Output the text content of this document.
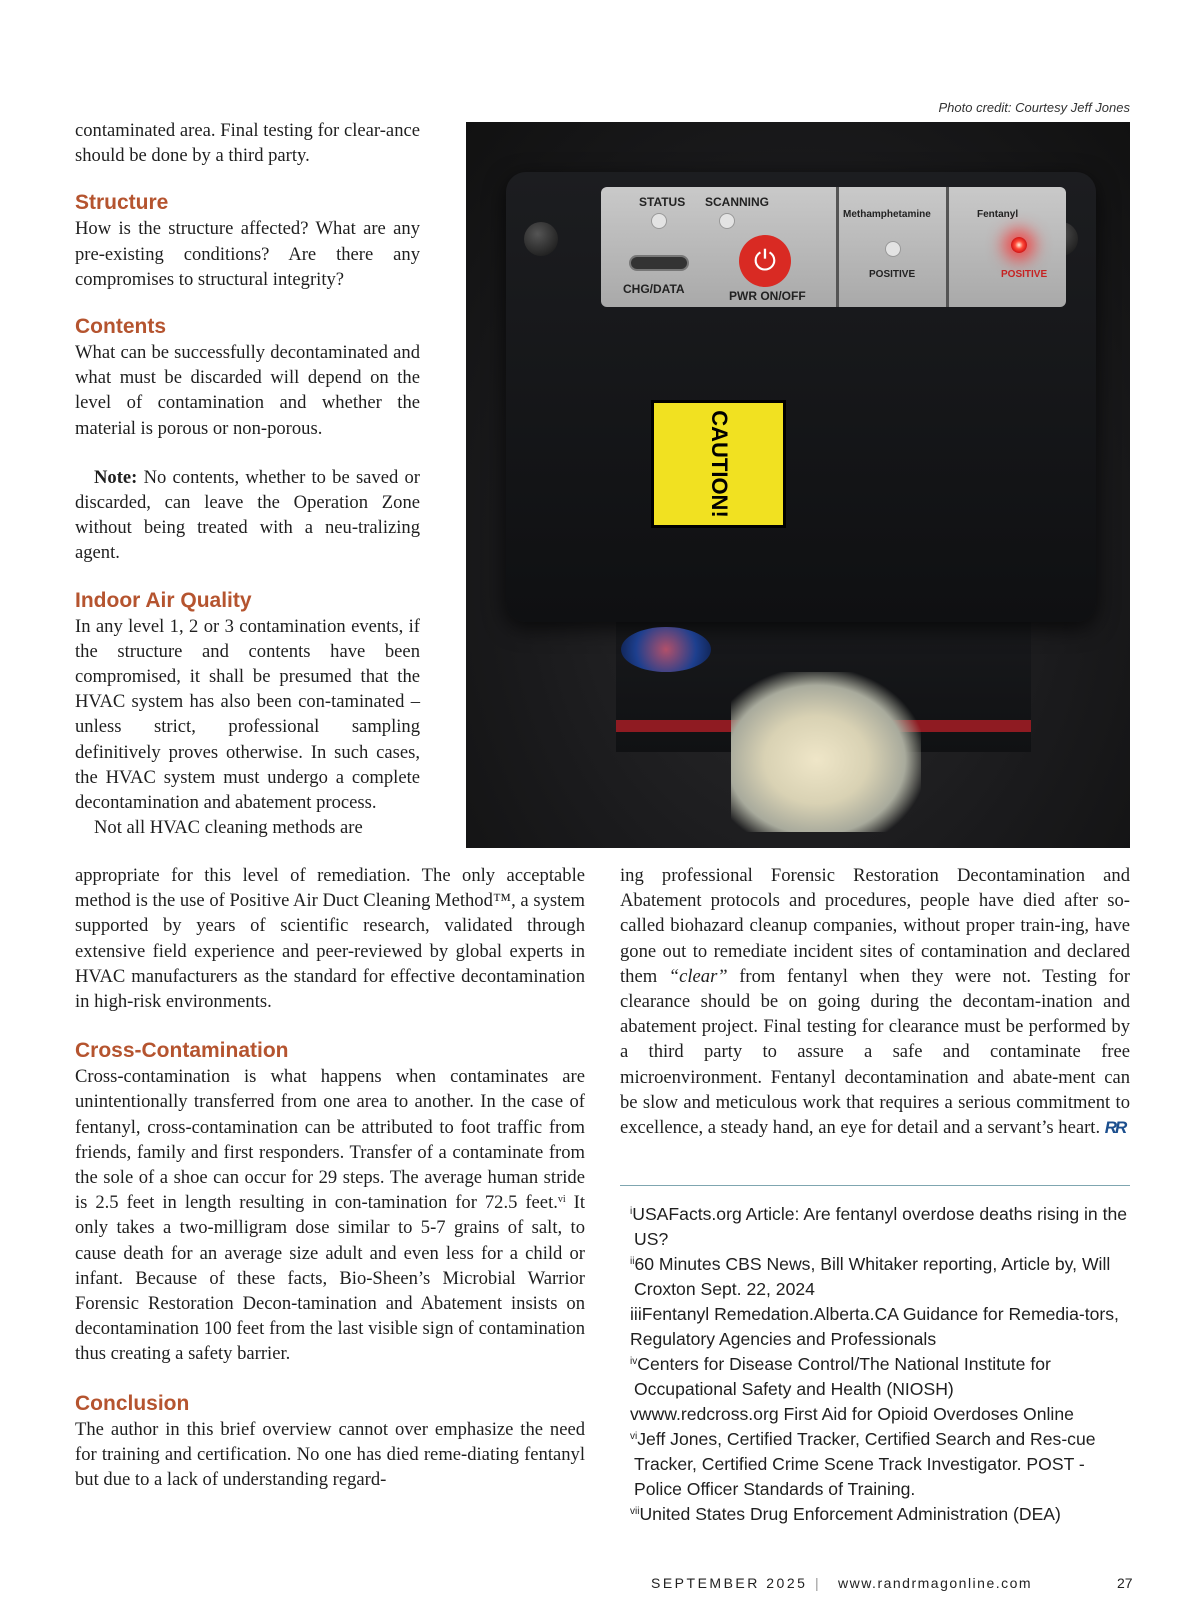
Photo credit: Courtesy Jeff Jones
STATUS SCANNING
CHG/DATA
⏻
PWR ON/OFF
Methamphetamine
POSITIVE
Fentanyl
POSITIVE
CAUTION!

contaminated area. Final testing for clear-ance should be done by a third party.

Structure

How is the structure affected? What are any pre-existing conditions? Are there any compromises to structural integrity?

Contents

What can be successfully decontaminated and what must be discarded will depend on the level of contamination and whether the material is porous or non-porous.

Note: No contents, whether to be saved or discarded, can leave the Operation Zone without being treated with a neu-tralizing agent.

Indoor Air Quality

In any level 1, 2 or 3 contamination events, if the structure and contents have been compromised, it shall be presumed that the HVAC system has also been con-taminated – unless strict, professional sampling definitively proves otherwise. In such cases, the HVAC system must undergo a complete decontamination and abatement process.

Not all HVAC cleaning methods are

appropriate for this level of remediation. The only acceptable method is the use of Positive Air Duct Cleaning Method™, a system supported by years of scientific research, validated through extensive field experience and peer-reviewed by global experts in HVAC manufacturers as the standard for effective decontamination in high-risk environments.

Cross-Contamination

Cross-contamination is what happens when contaminates are unintentionally transferred from one area to another. In the case of fentanyl, cross-contamination can be attributed to foot traffic from friends, family and first responders. Transfer of a contaminate from the sole of a shoe can occur for 29 steps. The average human stride is 2.5 feet in length resulting in con-tamination for 72.5 feet.$^{vi}$ It only takes a two-milligram dose similar to 5-7 grains of salt, to cause death for an average size adult and even less for a child or infant. Because of these facts, Bio-Sheen’s Microbial Warrior Forensic Restoration Decon-tamination and Abatement insists on decontamination 100 feet from the last visible sign of contamination thus creating a safety barrier.

Conclusion

The author in this brief overview cannot over emphasize the need for training and certification. No one has died reme-diating fentanyl but due to a lack of understanding regard-

ing professional Forensic Restoration Decontamination and Abatement protocols and procedures, people have died after so-called biohazard cleanup companies, without proper train-ing, have gone out to remediate incident sites of contamination and declared them “clear” from fentanyl when they were not. Testing for clearance should be on going during the decontam-ination and abatement project. Final testing for clearance must be performed by a third party to assure a safe and contaminate free microenvironment. Fentanyl decontamination and abate-ment can be slow and meticulous work that requires a serious commitment to excellence, a steady hand, an eye for detail and a servant’s heart. RR

$^i$USAFacts.org Article: Are fentanyl overdose deaths rising in the US?
$^{ii}$60 Minutes CBS News, Bill Whitaker reporting, Article by, Will Croxton Sept. 22, 2024
iiiFentanyl Remedation.Alberta.CA Guidance for Remedia-tors, Regulatory Agencies and Professionals
$^{iv}$Centers for Disease Control/The National Institute for Occupational Safety and Health (NIOSH)
vwww.redcross.org First Aid for Opioid Overdoses Online
$^{vi}$Jeff Jones, Certified Tracker, Certified Search and Res-cue Tracker, Certified Crime Scene Track Investigator. POST - Police Officer Standards of Training.
$^{vii}$United States Drug Enforcement Administration (DEA)
SEPTEMBER 2025 | www.randrmagonline.com	27
